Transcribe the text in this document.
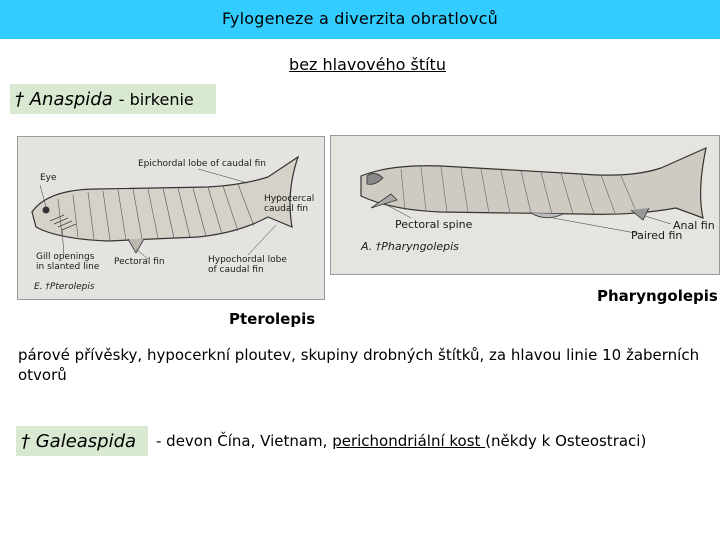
Fylogeneze a diverzita obratlovců
bez hlavového štítu
† Anaspida - birkenie
Eye
Epichordal lobe of caudal fin
Hypocercal
caudal fin
Gill openings
in slanted line Pectoral fin	Hypochordal lobe
of caudal fin
E. †Pterolepis
Pectoral spine	Anal fin
Paired fin
A. †Pharyngolepis
Pterolepis
Pharyngolepis
párové přívěsky, hypocerkní ploutev, skupiny drobných štítků, za hlavou linie 10 žaberních otvorů
† Galeaspida - devon Čína, Vietnam, perichondriální kost (někdy k Osteostraci)
